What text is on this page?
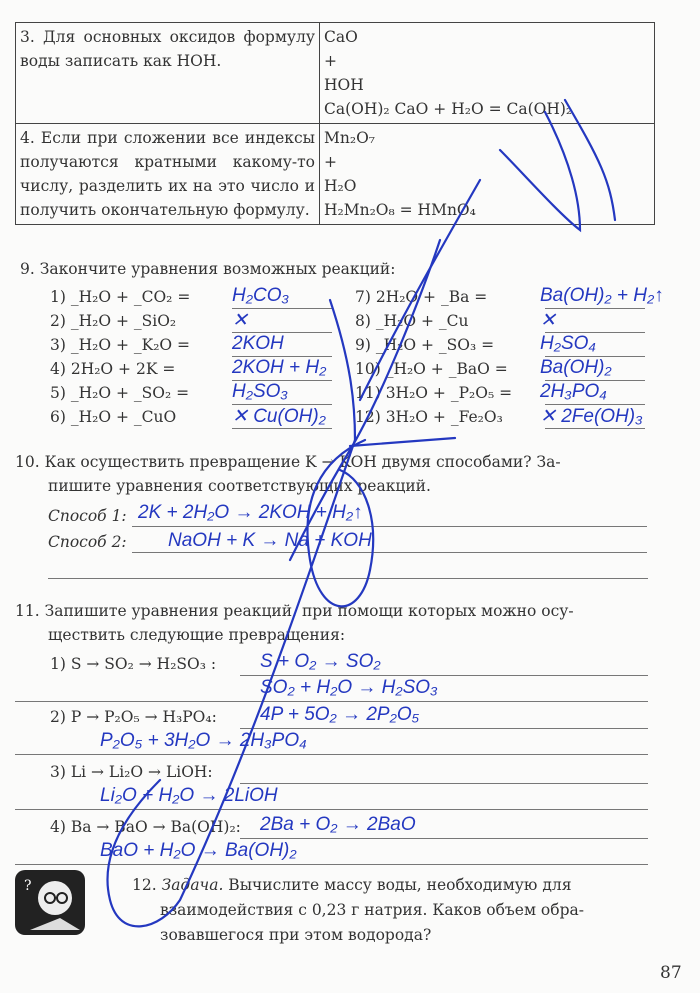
3. Для основных оксидов формулу воды записать как НОН.	CaO
+
HOH
Ca(OH)₂ CaO + H₂O = Ca(OH)₂

4. Если при сложении все индексы получаются кратными какому-то числу, разделить их на это число и получить окончательную формулу.	Mn₂O₇
+
H₂O
H₂Mn₂O₈ = HMnO₄
9. Закончите уравнения возможных реакций:
1) _H₂O + _CO₂ = H₂CO₃	7) 2H₂O + _Ba =	Ba(OH)₂ + H₂↑
2) _H₂O + _SiO₂	✕	8) _H₂O + _Cu	✕
3) _H₂O + _K₂O = 2KOH	9) _H₂O + _SO₃ = H₂SO₄
4) 2H₂O + 2K =	2KOH + H₂ 10) _H₂O + _BaO = Ba(OH)₂
5) _H₂O + _SO₂ = H₂SO₃	11) 3H₂O + _P₂O₅ = 2H₃PO₄
6) _H₂O + _CuO	✕ Cu(OH)₂ 12) 3H₂O + _Fe₂O₃ ✕ 2Fe(OH)₃
10. Как осуществить превращение K → KOH двумя способами? За-
пишите уравнения соответствующих реакций.
Способ 1: 2K + 2H₂O → 2KOH + H₂↑
Способ 2: NaOH + K → Na + KOH
11. Запишите уравнения реакций, при помощи которых можно осу-
ществить следующие превращения:
1) S → SO₂ → H₂SO₃ : S + O₂ → SO₂
SO₂ + H₂O → H₂SO₃
2) P → P₂O₅ → H₃PO₄: 4P + 5O₂ → 2P₂O₅
P₂O₅ + 3H₂O → 2H₃PO₄
3) Li → Li₂O → LiOH:
Li₂O + H₂O → 2LiOH
4) Ba → BaO → Ba(OH)₂: 2Ba + O₂ → 2BaO
BaO + H₂O → Ba(OH)₂
12. Задача. Вычислите массу воды, необходимую для
взаимодействия с 0,23 г натрия. Каков объем обра-
зовавшегося при этом водорода?
?
87
